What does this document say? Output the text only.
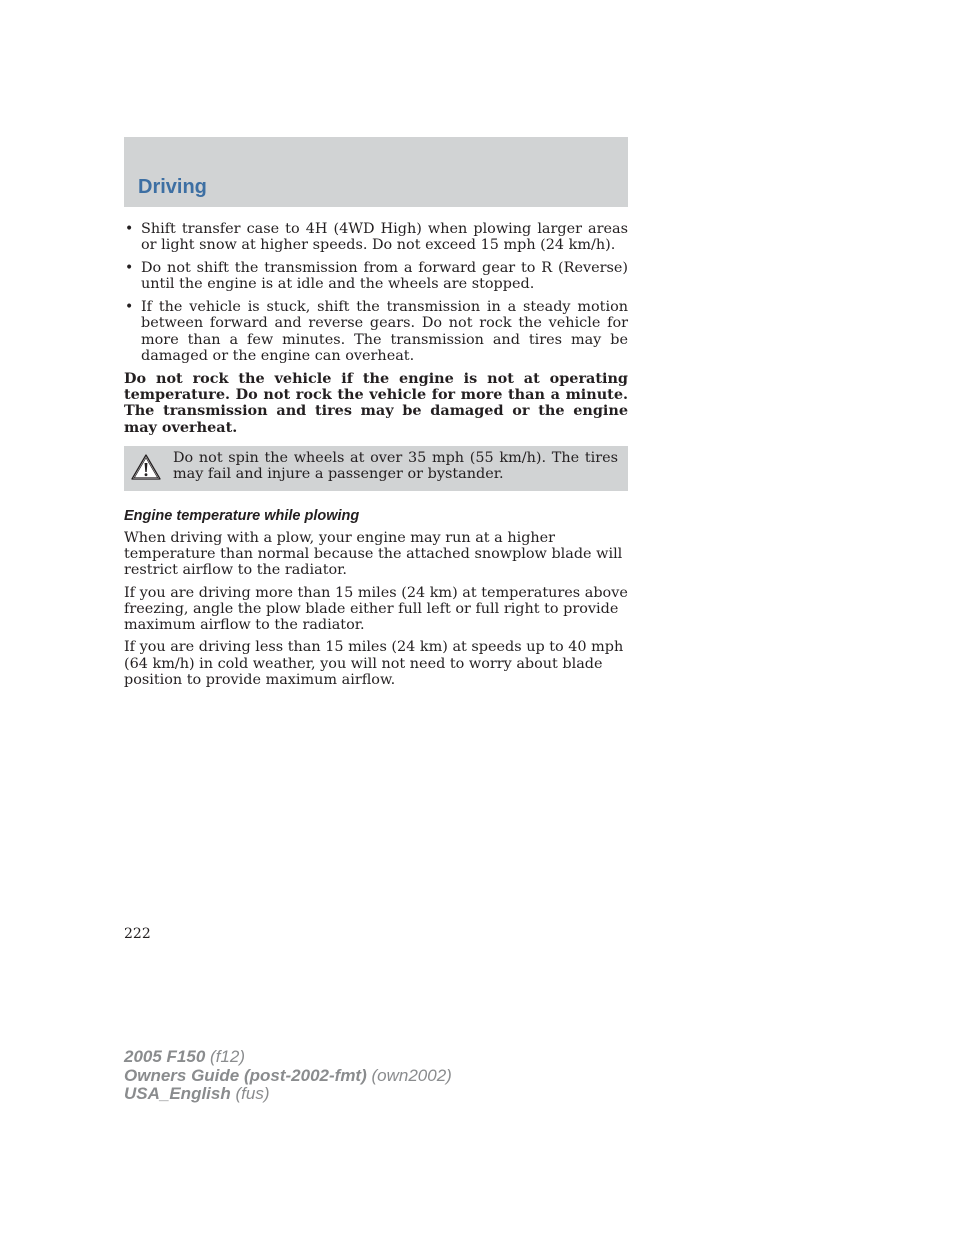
Driving
• Shift transfer case to 4H (4WD High) when plowing larger areas or light snow at higher speeds. Do not exceed 15 mph (24 km/h).
• Do not shift the transmission from a forward gear to R (Reverse) until the engine is at idle and the wheels are stopped.
• If the vehicle is stuck, shift the transmission in a steady motion between forward and reverse gears. Do not rock the vehicle for more than a few minutes. The transmission and tires may be damaged or the engine can overheat.

Do not rock the vehicle if the engine is not at operating temperature. Do not rock the vehicle for more than a minute. The transmission and tires may be damaged or the engine may overheat.

Do not spin the wheels at over 35 mph (55 km/h). The tires may fail and injure a passenger or bystander.
Engine temperature while plowing

When driving with a plow, your engine may run at a higher temperature than normal because the attached snowplow blade will restrict airflow to the radiator.

If you are driving more than 15 miles (24 km) at temperatures above freezing, angle the plow blade either full left or full right to provide maximum airflow to the radiator.

If you are driving less than 15 miles (24 km) at speeds up to 40 mph (64 km/h) in cold weather, you will not need to worry about blade position to provide maximum airflow.

222
2005 F150 (f12)
Owners Guide (post-2002-fmt) (own2002)
USA_English (fus)
